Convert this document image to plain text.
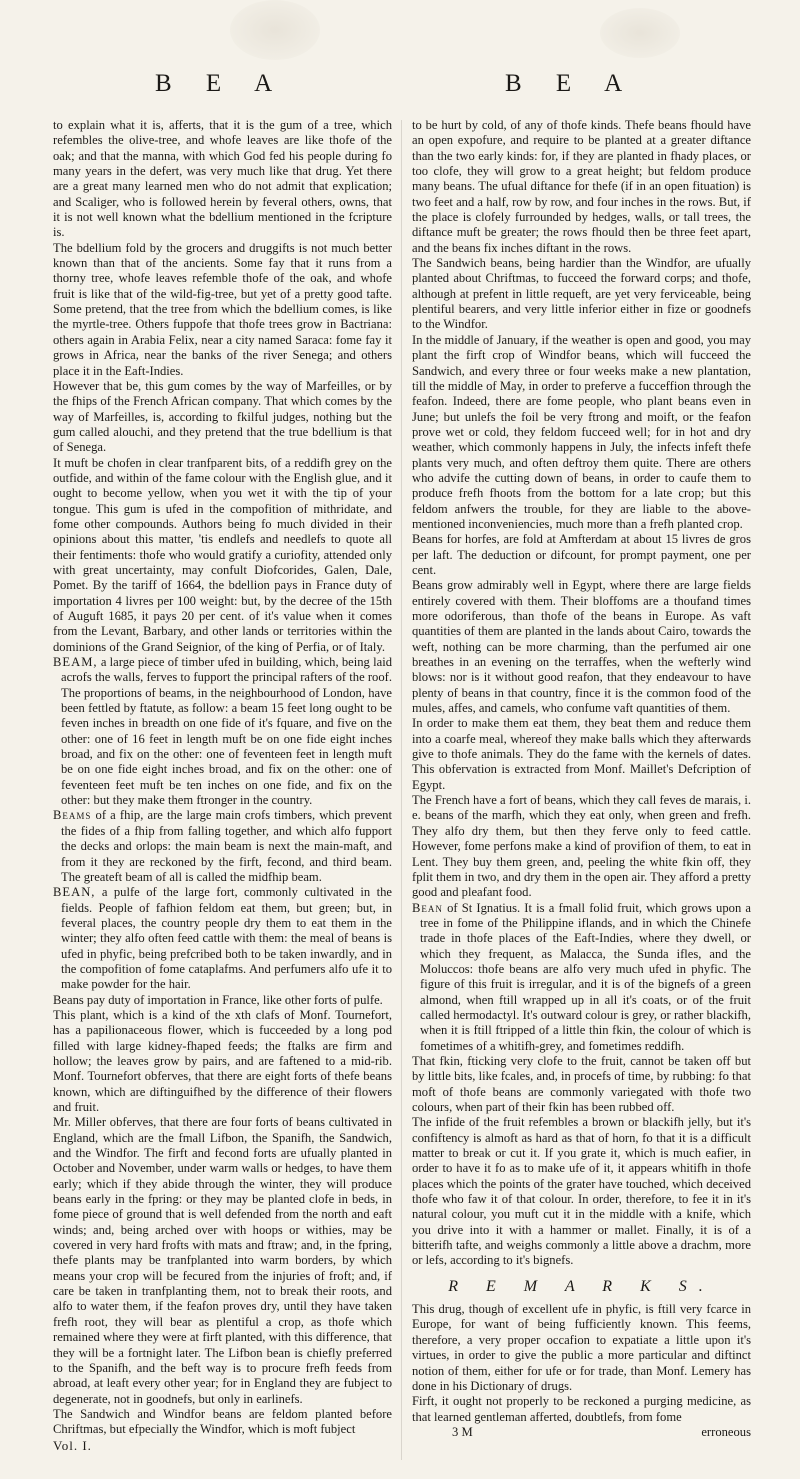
B E A	B E A

to explain what it is, afferts, that it is the gum of a tree, which refembles the olive-tree, and whofe leaves are like thofe of the oak; and that the manna, with which God fed his people during fo many years in the defert, was very much like that drug. Yet there are a great many learned men who do not admit that explication; and Scaliger, who is followed herein by feveral others, owns, that it is not well known what the bdellium mentioned in the fcripture is.

The bdellium fold by the grocers and druggifts is not much better known than that of the ancients. Some fay that it runs from a thorny tree, whofe leaves refemble thofe of the oak, and whofe fruit is like that of the wild-fig-tree, but yet of a pretty good tafte. Some pretend, that the tree from which the bdellium comes, is like the myrtle-tree. Others fuppofe that thofe trees grow in Bactriana: others again in Arabia Felix, near a city named Saraca: fome fay it grows in Africa, near the banks of the river Senega; and others place it in the Eaft-Indies.

However that be, this gum comes by the way of Marfeilles, or by the fhips of the French African company. That which comes by the way of Marfeilles, is, according to fkilful judges, nothing but the gum called alouchi, and they pretend that the true bdellium is that of Senega.

It muft be chofen in clear tranfparent bits, of a reddifh grey on the outfide, and within of the fame colour with the English glue, and it ought to become yellow, when you wet it with the tip of your tongue. This gum is ufed in the compofition of mithridate, and fome other compounds. Authors being fo much divided in their opinions about this matter, 'tis endlefs and needlefs to quote all their fentiments: thofe who would gratify a curiofity, attended only with great uncertainty, may confult Diofcorides, Galen, Dale, Pomet. By the tariff of 1664, the bdellion pays in France duty of importation 4 livres per 100 weight: but, by the decree of the 15th of Auguft 1685, it pays 20 per cent. of it's value when it comes from the Levant, Barbary, and other lands or territories within the dominions of the Grand Seignior, of the king of Perfia, or of Italy.

BEAM, a large piece of timber ufed in building, which, being laid acrofs the walls, ferves to fupport the principal rafters of the roof. The proportions of beams, in the neighbourhood of London, have been fettled by ftatute, as follow: a beam 15 feet long ought to be feven inches in breadth on one fide of it's fquare, and five on the other: one of 16 feet in length muft be on one fide eight inches broad, and fix on the other: one of feventeen feet in length muft be on one fide eight inches broad, and fix on the other: one of feventeen feet muft be ten inches on one fide, and fix on the other: but they make them ftronger in the country.

Beams of a fhip, are the large main crofs timbers, which prevent the fides of a fhip from falling together, and which alfo fupport the decks and orlops: the main beam is next the main-maft, and from it they are reckoned by the firft, fecond, and third beam. The greateft beam of all is called the midfhip beam.

BEAN, a pulfe of the large fort, commonly cultivated in the fields. People of fafhion feldom eat them, but green; but, in feveral places, the country people dry them to eat them in the winter; they alfo often feed cattle with them: the meal of beans is ufed in phyfic, being prefcribed both to be taken inwardly, and in the compofition of fome cataplafms. And perfumers alfo ufe it to make powder for the hair.

Beans pay duty of importation in France, like other forts of pulfe.

This plant, which is a kind of the xth clafs of Monf. Tournefort, has a papilionaceous flower, which is fucceeded by a long pod filled with large kidney-fhaped feeds; the ftalks are firm and hollow; the leaves grow by pairs, and are faftened to a mid-rib. Monf. Tournefort obferves, that there are eight forts of thefe beans known, which are diftinguifhed by the difference of their flowers and fruit.

Mr. Miller obferves, that there are four forts of beans cultivated in England, which are the fmall Lifbon, the Spanifh, the Sandwich, and the Windfor. The firft and fecond forts are ufually planted in October and November, under warm walls or hedges, to have them early; which if they abide through the winter, they will produce beans early in the fpring: or they may be planted clofe in beds, in fome piece of ground that is well defended from the north and eaft winds; and, being arched over with hoops or withies, may be covered in very hard frofts with mats and ftraw; and, in the fpring, thefe plants may be tranfplanted into warm borders, by which means your crop will be fecured from the injuries of froft; and, if care be taken in tranfplanting them, not to break their roots, and alfo to water them, if the feafon proves dry, until they have taken frefh root, they will bear as plentiful a crop, as thofe which remained where they were at firft planted, with this difference, that they will be a fortnight later. The Lifbon bean is chiefly preferred to the Spanifh, and the beft way is to procure frefh feeds from abroad, at leaft every other year; for in England they are fubject to degenerate, not in goodnefs, but only in earlinefs.

The Sandwich and Windfor beans are feldom planted before Chriftmas, but efpecially the Windfor, which is moft fubject

Vol. I.

to be hurt by cold, of any of thofe kinds. Thefe beans fhould have an open expofure, and require to be planted at a greater diftance than the two early kinds: for, if they are planted in fhady places, or too clofe, they will grow to a great height; but feldom produce many beans. The ufual diftance for thefe (if in an open fituation) is two feet and a half, row by row, and four inches in the rows. But, if the place is clofely furrounded by hedges, walls, or tall trees, the diftance muft be greater; the rows fhould then be three feet apart, and the beans fix inches diftant in the rows.

The Sandwich beans, being hardier than the Windfor, are ufually planted about Chriftmas, to fucceed the forward corps; and thofe, although at prefent in little requeft, are yet very ferviceable, being plentiful bearers, and very little inferior either in fize or goodnefs to the Windfor.

In the middle of January, if the weather is open and good, you may plant the firft crop of Windfor beans, which will fucceed the Sandwich, and every three or four weeks make a new plantation, till the middle of May, in order to preferve a fucceffion through the feafon. Indeed, there are fome people, who plant beans even in June; but unlefs the foil be very ftrong and moift, or the feafon prove wet or cold, they feldom fucceed well; for in hot and dry weather, which commonly happens in July, the infects infeft thefe plants very much, and often deftroy them quite. There are others who advife the cutting down of beans, in order to caufe them to produce frefh fhoots from the bottom for a late crop; but this feldom anfwers the trouble, for they are liable to the above-mentioned inconveniencies, much more than a frefh planted crop.

Beans for horfes, are fold at Amfterdam at about 15 livres de gros per laft. The deduction or difcount, for prompt payment, one per cent.

Beans grow admirably well in Egypt, where there are large fields entirely covered with them. Their bloffoms are a thoufand times more odoriferous, than thofe of the beans in Europe. As vaft quantities of them are planted in the lands about Cairo, towards the weft, nothing can be more charming, than the perfumed air one breathes in an evening on the terraffes, when the wefterly wind blows: nor is it without good reafon, that they endeavour to have plenty of beans in that country, fince it is the common food of the mules, affes, and camels, who confume vaft quantities of them.

In order to make them eat them, they beat them and reduce them into a coarfe meal, whereof they make balls which they afterwards give to thofe animals. They do the fame with the kernels of dates. This obfervation is extracted from Monf. Maillet's Defcription of Egypt.

The French have a fort of beans, which they call feves de marais, i. e. beans of the marfh, which they eat only, when green and frefh. They alfo dry them, but then they ferve only to feed cattle. However, fome perfons make a kind of provifion of them, to eat in Lent. They buy them green, and, peeling the white fkin off, they fplit them in two, and dry them in the open air. They afford a pretty good and pleafant food.

Bean of St Ignatius. It is a fmall folid fruit, which grows upon a tree in fome of the Philippine iflands, and in which the Chinefe trade in thofe places of the Eaft-Indies, where they dwell, or which they frequent, as Malacca, the Sunda ifles, and the Moluccos: thofe beans are alfo very much ufed in phyfic. The figure of this fruit is irregular, and it is of the bignefs of a green almond, when ftill wrapped up in all it's coats, or of the fruit called hermodactyl. It's outward colour is grey, or rather blackifh, when it is ftill ftripped of a little thin fkin, the colour of which is fometimes of a whitifh-grey, and fometimes reddifh.

That fkin, fticking very clofe to the fruit, cannot be taken off but by little bits, like fcales, and, in procefs of time, by rubbing: fo that moft of thofe beans are commonly variegated with thofe two colours, when part of their fkin has been rubbed off.

The infide of the fruit refembles a brown or blackifh jelly, but it's confiftency is almoft as hard as that of horn, fo that it is a difficult matter to break or cut it. If you grate it, which is much eafier, in order to have it fo as to make ufe of it, it appears whitifh in thofe places which the points of the grater have touched, which deceived thofe who faw it of that colour. In order, therefore, to fee it in it's natural colour, you muft cut it in the middle with a knife, which you drive into it with a hammer or mallet. Finally, it is of a bitterifh tafte, and weighs commonly a little above a drachm, more or lefs, according to it's bignefs.

R E M A R K S.

This drug, though of excellent ufe in phyfic, is ftill very fcarce in Europe, for want of being fufficiently known. This feems, therefore, a very proper occafion to expatiate a little upon it's virtues, in order to give the public a more particular and diftinct notion of them, either for ufe or for trade, than Monf. Lemery has done in his Dictionary of drugs.

Firft, it ought not properly to be reckoned a purging medicine, as that learned gentleman afferted, doubtlefs, from fome

3 M	erroneous
